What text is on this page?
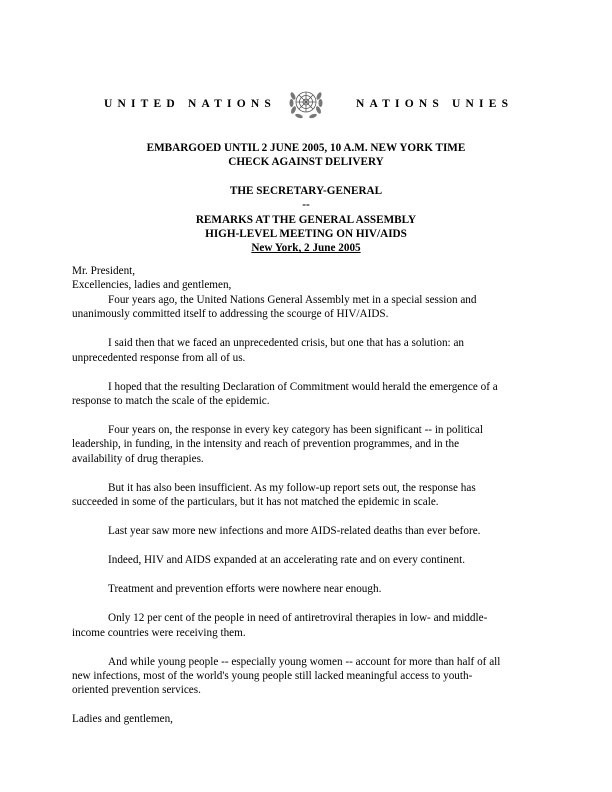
UNITED NATIONS	NATIONS UNIES
EMBARGOED UNTIL 2 JUNE 2005, 10 A.M. NEW YORK TIME
CHECK AGAINST DELIVERY
THE SECRETARY-GENERAL
--
REMARKS AT THE GENERAL ASSEMBLY
HIGH-LEVEL MEETING ON HIV/AIDS
New York, 2 June 2005
Mr. President,
Excellencies, ladies and gentlemen,
Four years ago, the United Nations General Assembly met in a special session and
unanimously committed itself to addressing the scourge of HIV/AIDS.
I said then that we faced an unprecedented crisis, but one that has a solution: an
unprecedented response from all of us.
I hoped that the resulting Declaration of Commitment would herald the emergence of a
response to match the scale of the epidemic.
Four years on, the response in every key category has been significant -- in political
leadership, in funding, in the intensity and reach of prevention programmes, and in the
availability of drug therapies.
But it has also been insufficient. As my follow-up report sets out, the response has
succeeded in some of the particulars, but it has not matched the epidemic in scale.
Last year saw more new infections and more AIDS-related deaths than ever before.
Indeed, HIV and AIDS expanded at an accelerating rate and on every continent.
Treatment and prevention efforts were nowhere near enough.
Only 12 per cent of the people in need of antiretroviral therapies in low- and middle-
income countries were receiving them.
And while young people -- especially young women -- account for more than half of all
new infections, most of the world's young people still lacked meaningful access to youth-
oriented prevention services.
Ladies and gentlemen,
